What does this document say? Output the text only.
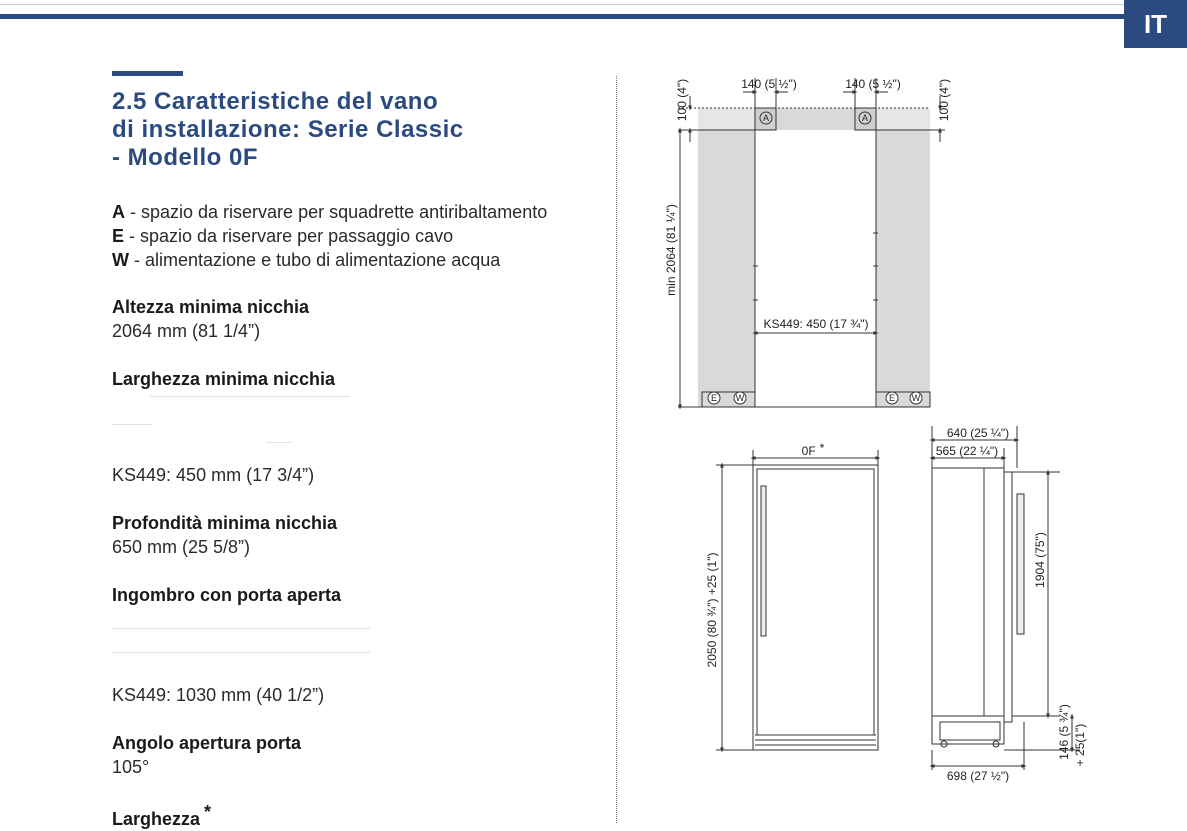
IT
2.5 Caratteristiche del vano
di installazione: Serie Classic
- Modello 0F
A - spazio da riservare per squadrette antiribaltamento
E - spazio da riservare per passaggio cavo
W - alimentazione e tubo di alimentazione acqua
Altezza minima nicchia
2064 mm (81 1/4”)
Larghezza minima nicchia
KS449: 450 mm (17 3/4”)
Profondità minima nicchia
650 mm (25 5/8”)
Ingombro con porta aperta
KS449: 1030 mm (40 1/2”)
Angolo apertura porta
105°
Larghezza *
140 (5 ½")	140 (5 ½")
100 (4")	100 (4")
min 2064 (81 ¼")
KS449: 450 (17 ¾")
A	A
E W	E W
0F *
2050 (80 ¾") +25 (1")
640 (25 ¼")
565 (22 ¼")
1904 (75")
146 (5 ¾") + 25(1")
698 (27 ½")
